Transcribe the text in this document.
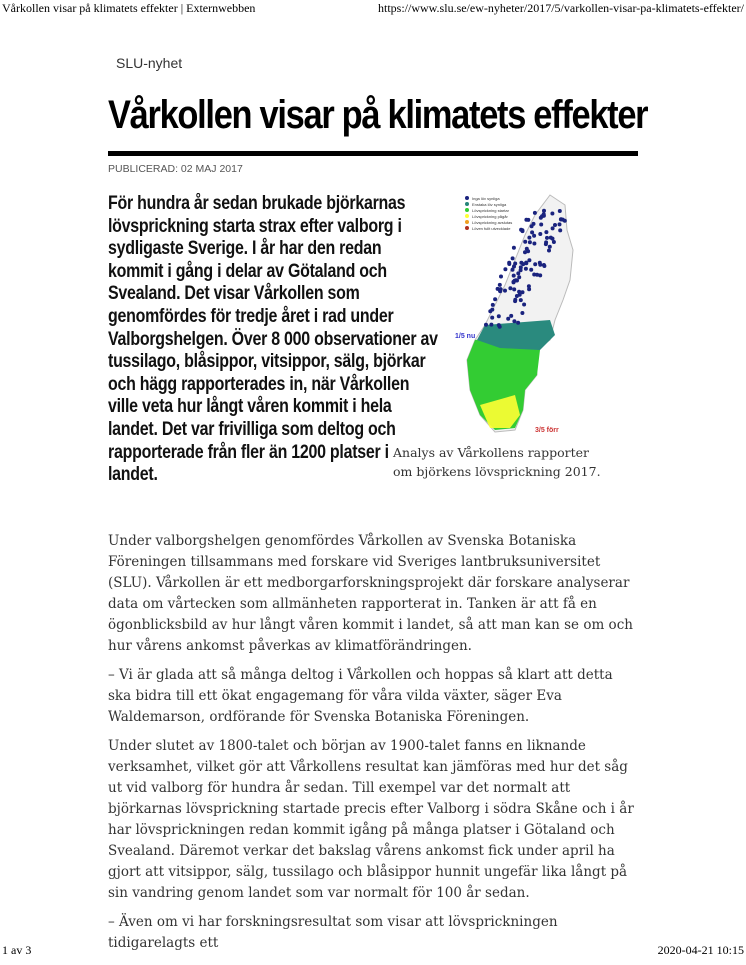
Vårkollen visar på klimatets effekter | Externwebben	https://www.slu.se/ew-nyheter/2017/5/varkollen-visar-pa-klimatets-effekter/
SLU-nyhet
Vårkollen visar på klimatets effekter
PUBLICERAD: 02 MAJ 2017
För hundra år sedan brukade björkarnas lövsprickning starta strax efter valborg i sydligaste Sverige. I år har den redan kommit i gång i delar av Götaland och Svealand. Det visar Vårkollen som genomfördes för tredje året i rad under Valborgshelgen. Över 8 000 observationer av tussilago, blåsippor, vitsippor, sälg, björkar och hägg rapporterades in, när Vårkollen ville veta hur långt våren kommit i hela landet. Det var frivilliga som deltog och rapporterade från fler än 1200 platser i landet.
Inga löv synliga
Enstaka löv synliga
Lövsprickning startar
Lövsprickning pågår
Lövsprickning avslutas
Löven fullt utvecklade
1/5 nu
3/5 förr
Analys av Vårkollens rapporter om björkens lövsprickning 2017.

Under valborgshelgen genomfördes Vårkollen av Svenska Botaniska Föreningen tillsammans med forskare vid Sveriges lantbruksuniversitet (SLU). Vårkollen är ett medborgarforskningsprojekt där forskare analyserar data om vårtecken som allmänheten rapporterat in. Tanken är att få en ögonblicksbild av hur långt våren kommit i landet, så att man kan se om och hur vårens ankomst påverkas av klimatförändringen.

– Vi är glada att så många deltog i Vårkollen och hoppas så klart att detta ska bidra till ett ökat engagemang för våra vilda växter, säger Eva Waldemarson, ordförande för Svenska Botaniska Föreningen.

Under slutet av 1800-talet och början av 1900-talet fanns en liknande verksamhet, vilket gör att Vårkollens resultat kan jämföras med hur det såg ut vid valborg för hundra år sedan. Till exempel var det normalt att björkarnas lövsprickning startade precis efter Valborg i södra Skåne och i år har lövsprickningen redan kommit igång på många platser i Götaland och Svealand. Däremot verkar det bakslag vårens ankomst fick under april ha gjort att vitsippor, sälg, tussilago och blåsippor hunnit ungefär lika långt på sin vandring genom landet som var normalt för 100 år sedan.

– Även om vi har forskningsresultat som visar att lövsprickningen tidigarelagts ett

1 av 3	2020-04-21 10:15
